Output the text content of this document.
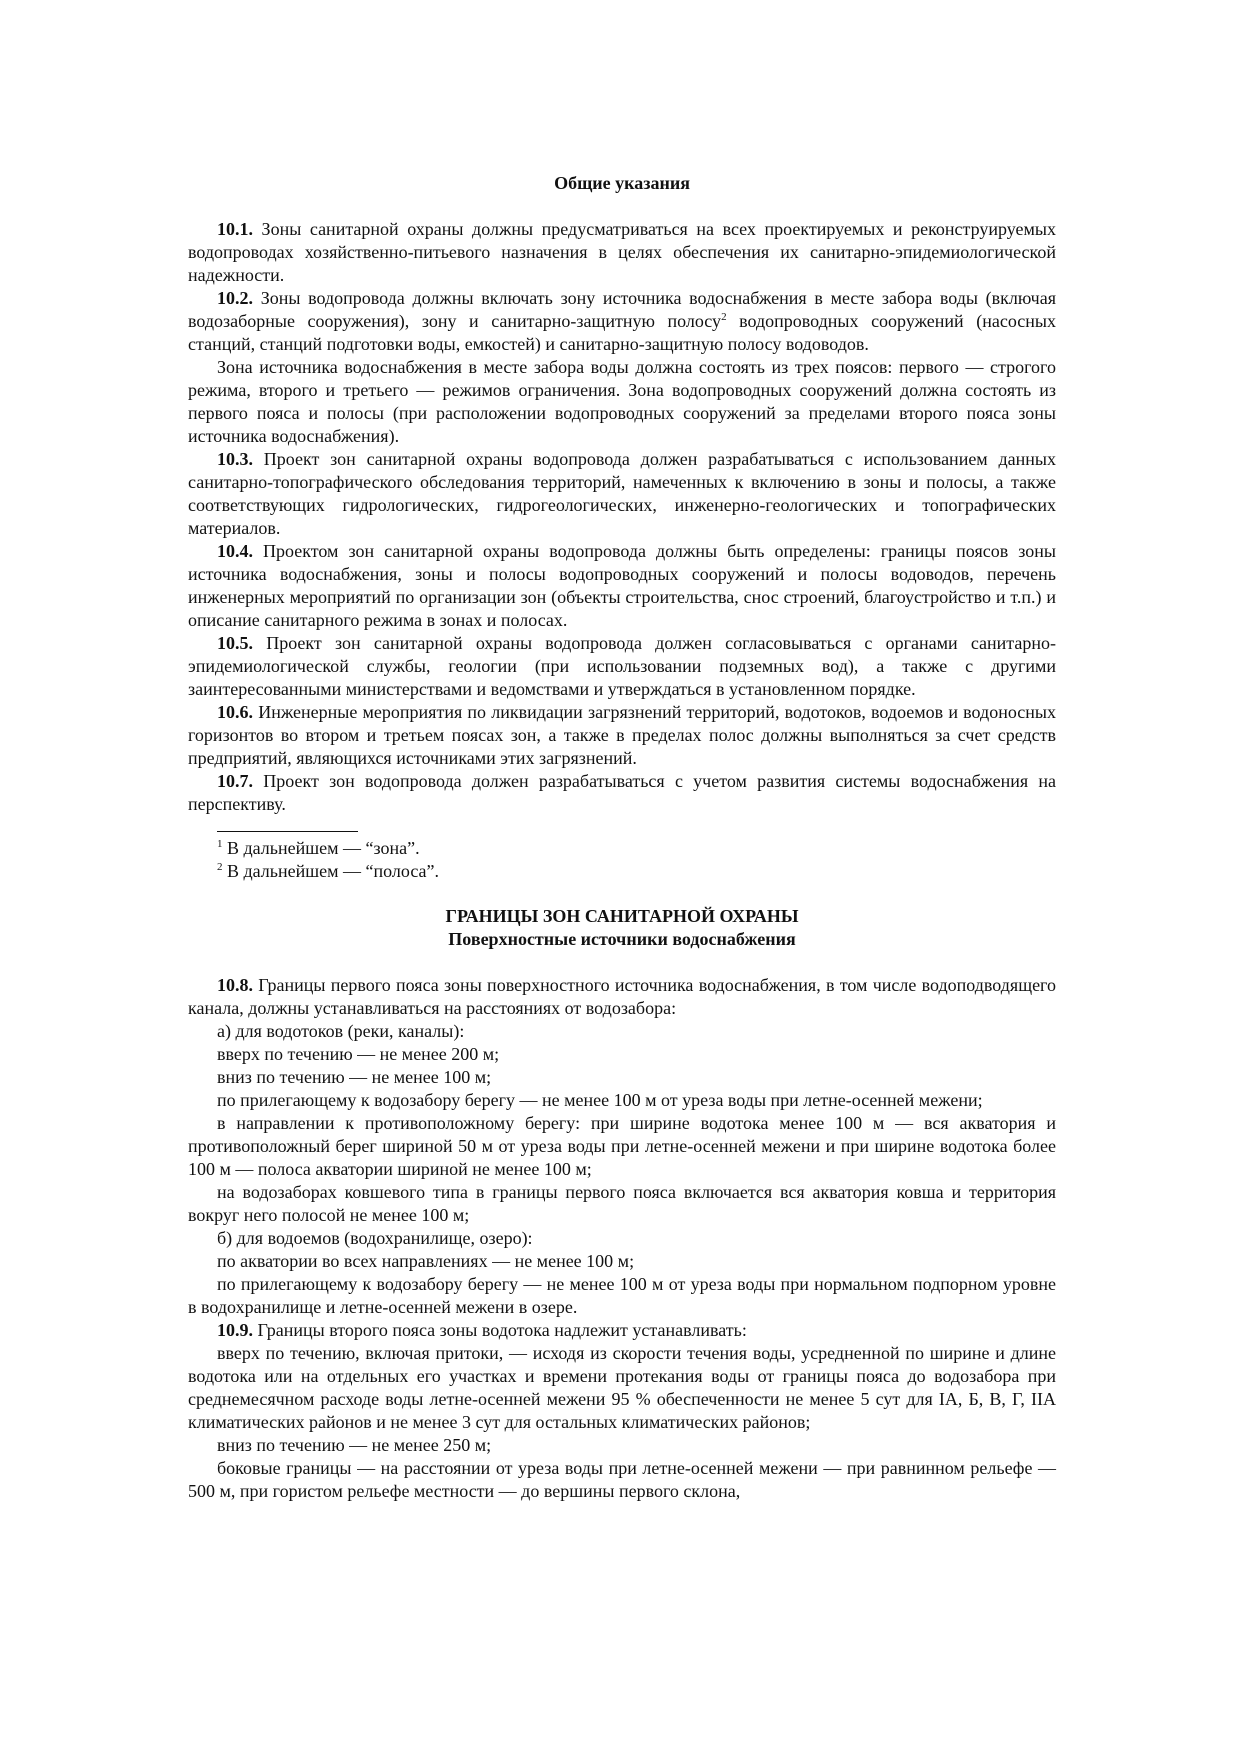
Общие указания

10.1. Зоны санитарной охраны должны предусматриваться на всех проектируемых и реконструируемых водопроводах хозяйственно-питьевого назначения в целях обеспечения их санитарно-эпидемиологической надежности.

10.2. Зоны водопровода должны включать зону источника водоснабжения в месте забора воды (включая водозаборные сооружения), зону и санитарно-защитную полосу$^2$ водопроводных сооружений (насосных станций, станций подготовки воды, емкостей) и санитарно-защитную полосу водоводов.

Зона источника водоснабжения в месте забора воды должна состоять из трех поясов: первого — строгого режима, второго и третьего — режимов ограничения. Зона водопроводных сооружений должна состоять из первого пояса и полосы (при расположении водопроводных сооружений за пределами второго пояса зоны источника водоснабжения).

10.3. Проект зон санитарной охраны водопровода должен разрабатываться с использованием данных санитарно-топографического обследования территорий, намеченных к включению в зоны и полосы, а также соответствующих гидрологических, гидрогеологических, инженерно-геологических и топографических материалов.

10.4. Проектом зон санитарной охраны водопровода должны быть определены: границы поясов зоны источника водоснабжения, зоны и полосы водопроводных сооружений и полосы водоводов, перечень инженерных мероприятий по организации зон (объекты строительства, снос строений, благоустройство и т.п.) и описание санитарного режима в зонах и полосах.

10.5. Проект зон санитарной охраны водопровода должен согласовываться с органами санитарно-эпидемиологической службы, геологии (при использовании подземных вод), а также с другими заинтересованными министерствами и ведомствами и утверждаться в установленном порядке.

10.6. Инженерные мероприятия по ликвидации загрязнений территорий, водотоков, водоемов и водоносных горизонтов во втором и третьем поясах зон, а также в пределах полос должны выполняться за счет средств предприятий, являющихся источниками этих загрязнений.

10.7. Проект зон водопровода должен разрабатываться с учетом развития системы водоснабжения на перспективу.

$^1$ В дальнейшем — “зона”.

$^2$ В дальнейшем — “полоса”.

ГРАНИЦЫ ЗОН САНИТАРНОЙ ОХРАНЫ

Поверхностные источники водоснабжения

10.8. Границы первого пояса зоны поверхностного источника водоснабжения, в том числе водоподводящего канала, должны устанавливаться на расстояниях от водозабора:

а) для водотоков (реки, каналы):

вверх по течению — не менее 200 м;

вниз по течению — не менее 100 м;

по прилегающему к водозабору берегу — не менее 100 м от уреза воды при летне-осенней межени;

в направлении к противоположному берегу: при ширине водотока менее 100 м — вся акватория и противоположный берег шириной 50 м от уреза воды при летне-осенней межени и при ширине водотока более 100 м — полоса акватории шириной не менее 100 м;

на водозаборах ковшевого типа в границы первого пояса включается вся акватория ковша и территория вокруг него полосой не менее 100 м;

б) для водоемов (водохранилище, озеро):

по акватории во всех направлениях — не менее 100 м;

по прилегающему к водозабору берегу — не менее 100 м от уреза воды при нормальном подпорном уровне в водохранилище и летне-осенней межени в озере.

10.9. Границы второго пояса зоны водотока надлежит устанавливать:

вверх по течению, включая притоки, — исходя из скорости течения воды, усредненной по ширине и длине водотока или на отдельных его участках и времени протекания воды от границы пояса до водозабора при среднемесячном расходе воды летне-осенней межени 95 % обеспеченности не менее 5 сут для IА, Б, В, Г, IIА климатических районов и не менее 3 сут для остальных климатических районов;

вниз по течению — не менее 250 м;

боковые границы — на расстоянии от уреза воды при летне-осенней межени — при равнинном рельефе — 500 м, при гористом рельефе местности — до вершины первого склона,
